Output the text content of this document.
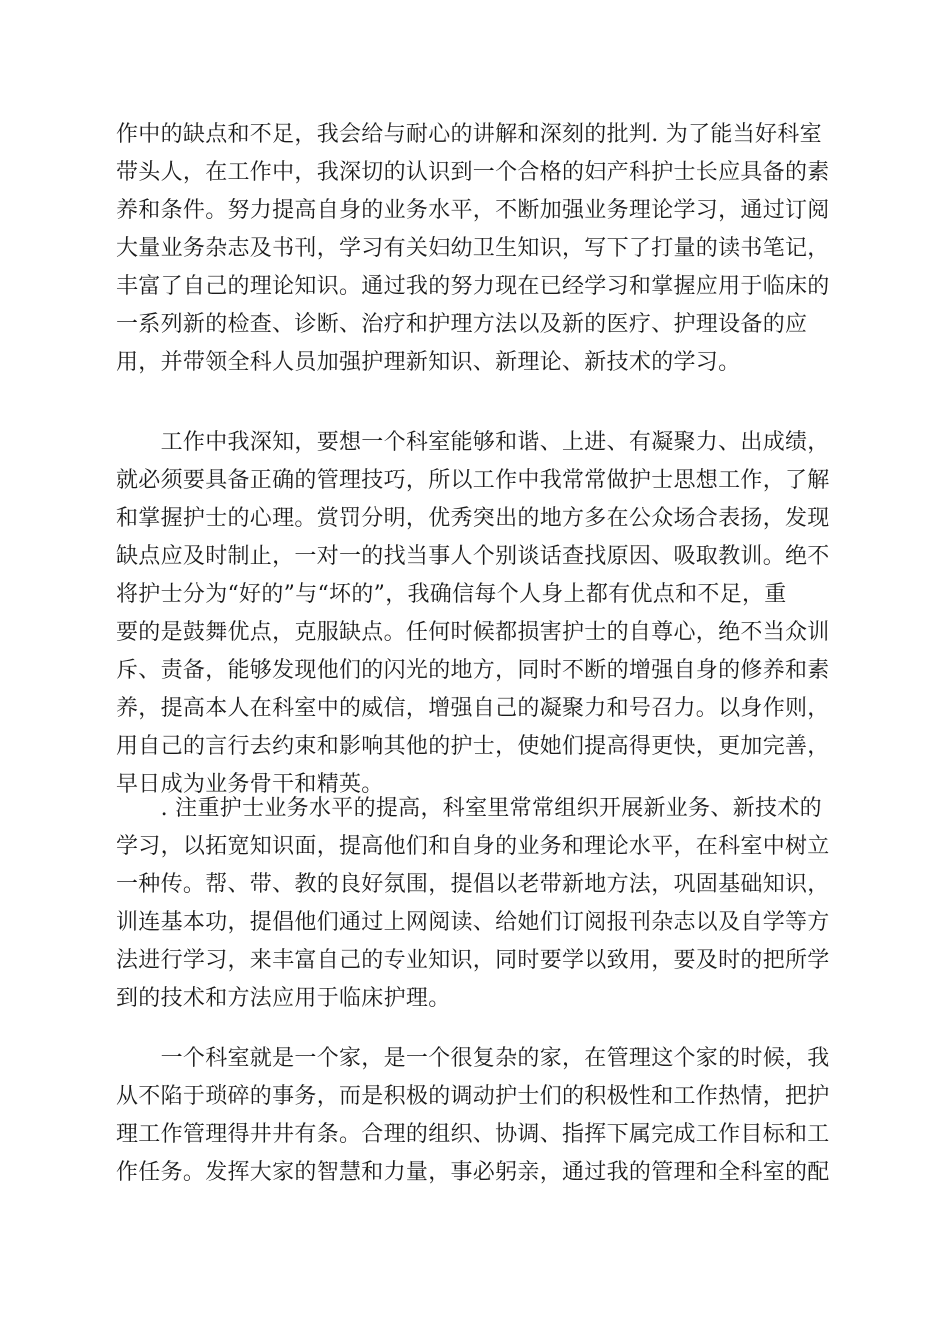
作中的缺点和不足，我会给与耐心的讲解和深刻的批判. 为了能当好科室
带头人，在工作中，我深切的认识到一个合格的妇产科护士长应具备的素
养和条件。努力提高自身的业务水平，不断加强业务理论学习，通过订阅
大量业务杂志及书刊，学习有关妇幼卫生知识，写下了打量的读书笔记，
丰富了自己的理论知识。通过我的努力现在已经学习和掌握应用于临床的
一系列新的检查、诊断、治疗和护理方法以及新的医疗、护理设备的应
用，并带领全科人员加强护理新知识、新理论、新技术的学习。
　　工作中我深知，要想一个科室能够和谐、上进、有凝聚力、出成绩，
就必须要具备正确的管理技巧，所以工作中我常常做护士思想工作，了解
和掌握护士的心理。赏罚分明，优秀突出的地方多在公众场合表扬，发现
缺点应及时制止，一对一的找当事人个别谈话查找原因、吸取教训。绝不
将护士分为“好的”与“坏的”，我确信每个人身上都有优点和不足，重
要的是鼓舞优点，克服缺点。任何时候都损害护士的自尊心，绝不当众训
斥、责备，能够发现他们的闪光的地方，同时不断的增强自身的修养和素
养，提高本人在科室中的威信，增强自己的凝聚力和号召力。以身作则，
用自己的言行去约束和影响其他的护士，使她们提高得更快，更加完善，
早日成为业务骨干和精英。
　　. 注重护士业务水平的提高，科室里常常组织开展新业务、新技术的
学习，以拓宽知识面，提高他们和自身的业务和理论水平，在科室中树立
一种传。帮、带、教的良好氛围，提倡以老带新地方法，巩固基础知识，
训连基本功，提倡他们通过上网阅读、给她们订阅报刊杂志以及自学等方
法进行学习，来丰富自己的专业知识，同时要学以致用，要及时的把所学
到的技术和方法应用于临床护理。
　　一个科室就是一个家，是一个很复杂的家，在管理这个家的时候，我
从不陷于琐碎的事务，而是积极的调动护士们的积极性和工作热情，把护
理工作管理得井井有条。合理的组织、协调、指挥下属完成工作目标和工
作任务。发挥大家的智慧和力量，事必躬亲，通过我的管理和全科室的配
